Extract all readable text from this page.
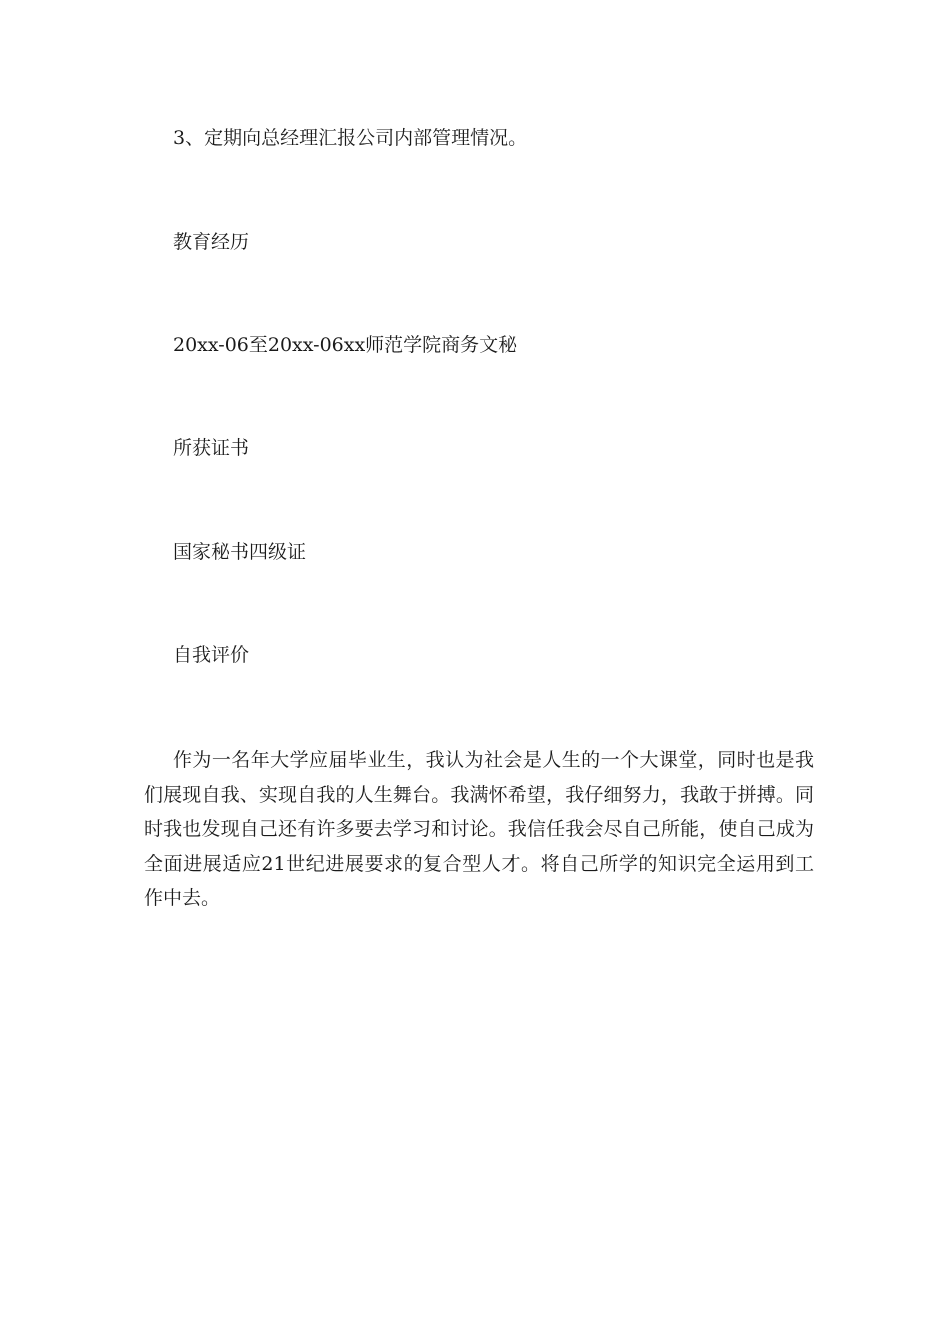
3、定期向总经理汇报公司内部管理情况。
教育经历
20xx-06至20xx-06xx师范学院商务文秘
所获证书
国家秘书四级证
自我评价
作为一名年大学应届毕业生，我认为社会是人生的一个大课堂，同时也是我们展现自我、实现自我的人生舞台。我满怀希望，我仔细努力，我敢于拼搏。同时我也发现自己还有许多要去学习和讨论。我信任我会尽自己所能，使自己成为全面进展适应21世纪进展要求的复合型人才。将自己所学的知识完全运用到工作中去。
